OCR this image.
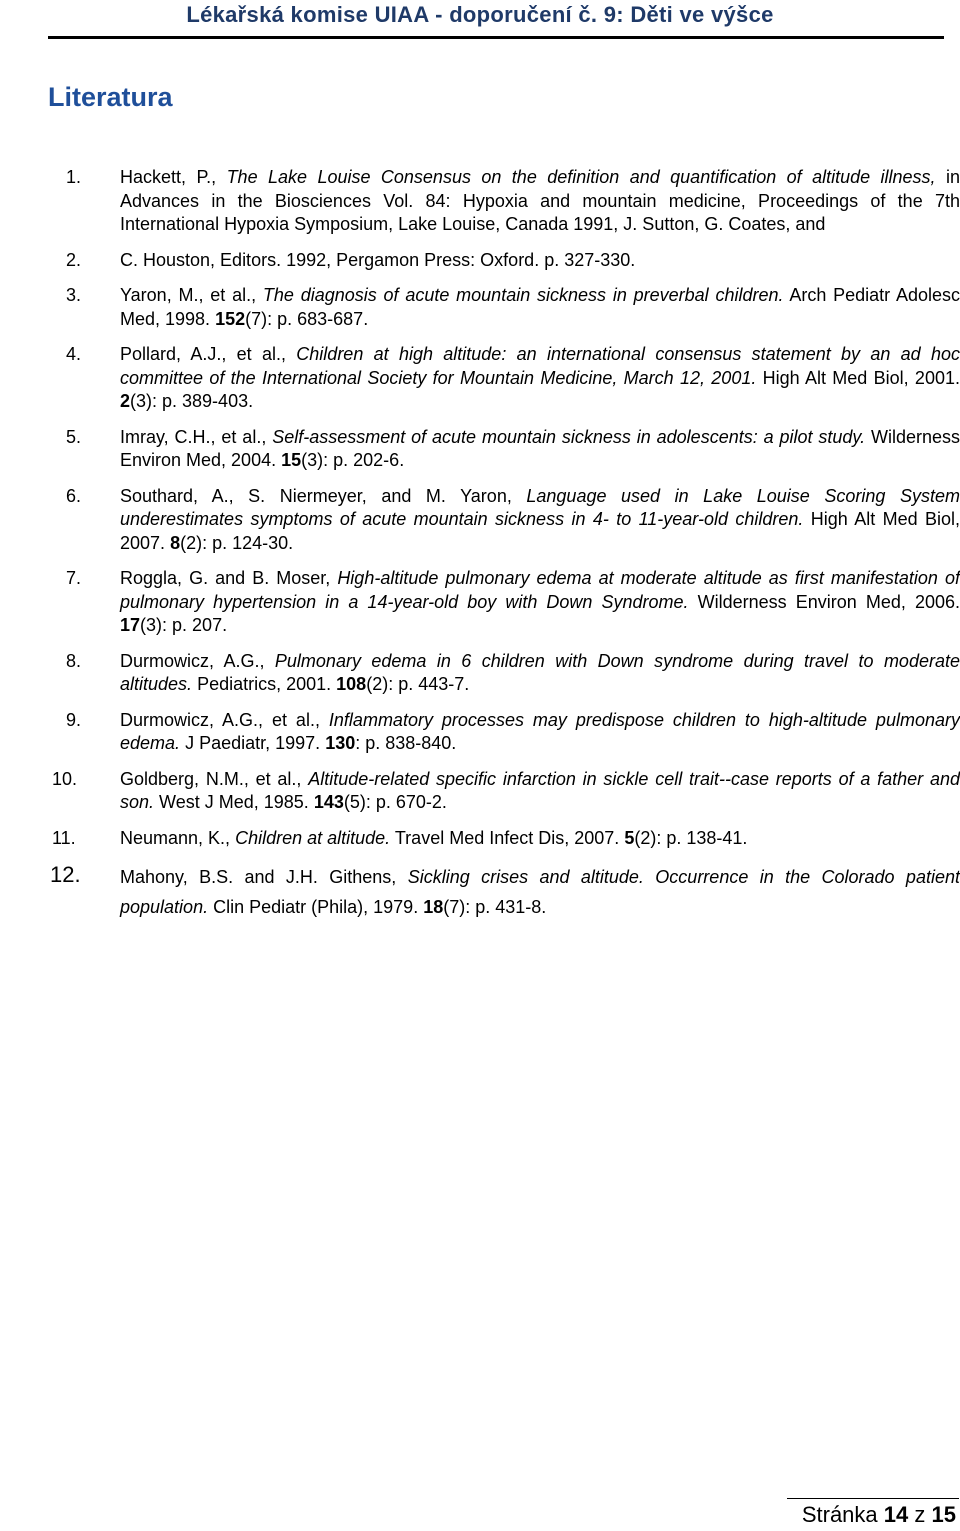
Lékařská komise UIAA - doporučení č. 9: Děti ve výšce
Literatura
1. Hackett, P., The Lake Louise Consensus on the definition and quantification of altitude illness, in Advances in the Biosciences Vol. 84: Hypoxia and mountain medicine, Proceedings of the 7th International Hypoxia Symposium, Lake Louise, Canada 1991, J. Sutton, G. Coates, and
2. C. Houston, Editors. 1992, Pergamon Press: Oxford. p. 327-330.
3. Yaron, M., et al., The diagnosis of acute mountain sickness in preverbal children. Arch Pediatr Adolesc Med, 1998. 152(7): p. 683-687.
4. Pollard, A.J., et al., Children at high altitude: an international consensus statement by an ad hoc committee of the International Society for Mountain Medicine, March 12, 2001. High Alt Med Biol, 2001. 2(3): p. 389-403.
5. Imray, C.H., et al., Self-assessment of acute mountain sickness in adolescents: a pilot study. Wilderness Environ Med, 2004. 15(3): p. 202-6.
6. Southard, A., S. Niermeyer, and M. Yaron, Language used in Lake Louise Scoring System underestimates symptoms of acute mountain sickness in 4- to 11-year-old children. High Alt Med Biol, 2007. 8(2): p. 124-30.
7. Roggla, G. and B. Moser, High-altitude pulmonary edema at moderate altitude as first manifestation of pulmonary hypertension in a 14-year-old boy with Down Syndrome. Wilderness Environ Med, 2006. 17(3): p. 207.
8. Durmowicz, A.G., Pulmonary edema in 6 children with Down syndrome during travel to moderate altitudes. Pediatrics, 2001. 108(2): p. 443-7.
9. Durmowicz, A.G., et al., Inflammatory processes may predispose children to high-altitude pulmonary edema. J Paediatr, 1997. 130: p. 838-840.
10. Goldberg, N.M., et al., Altitude-related specific infarction in sickle cell trait--case reports of a father and son. West J Med, 1985. 143(5): p. 670-2.
11. Neumann, K., Children at altitude. Travel Med Infect Dis, 2007. 5(2): p. 138-41.
12. Mahony, B.S. and J.H. Githens, Sickling crises and altitude. Occurrence in the Colorado patient population. Clin Pediatr (Phila), 1979. 18(7): p. 431-8.
Stránka 14 z 15
